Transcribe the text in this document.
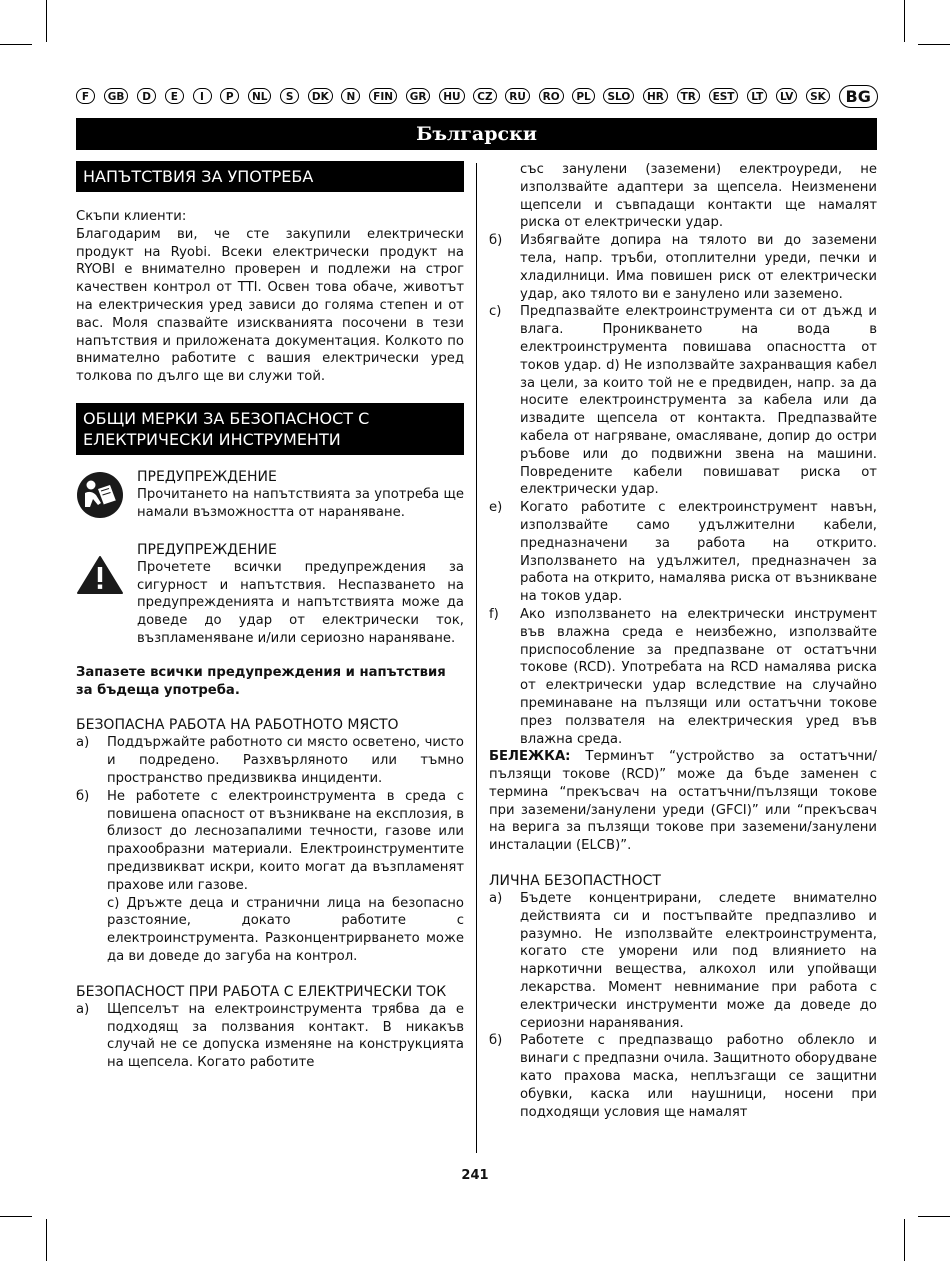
F	GB	D	E	I	P	NL	S	DK	N	FIN	GR	HU	CZ	RU	RO	PL	SLO	HR	TR	EST	LT	LV	SK	BG
Български
НАПЪТСТВИЯ ЗА УПОТРЕБА

Скъпи клиенти:

Благодарим ви, че сте закупили електрически продукт на Ryobi. Всеки електрически продукт на RYOBI е внимателно проверен и подлежи на строг качествен контрол от TTI. Освен това обаче, животът на електрическия уред зависи до голяма степен и от вас. Моля спазвайте изискванията посочени в тези напътствия и приложената документация. Колкото по внимателно работите с вашия електрически уред толкова по дълго ще ви служи той.

ОБЩИ МЕРКИ ЗА БЕЗОПАСНОСТ С ЕЛЕКТРИЧЕСКИ ИНСТРУМЕНТИ
ПРЕДУПРЕЖДЕНИЕ

Прочитането на напътствията за употреба ще намали възможността от нараняване.

ПРЕДУПРЕЖДЕНИЕ

Прочетете всички предупреждения за сигурност и напътствия. Неспазването на предупрежденията и напътствията може да доведе до удар от електрически ток, възпламеняване и/или сериозно нараняване.

Запазете всички предупреждения и напътствия за бъдеща употреба.

БЕЗОПАСНА РАБОТА НА РАБОТНОТО МЯСТО

a)	Поддържайте работното си място осветено, чисто и подредено. Разхвърляното или тъмно пространство предизвиква инциденти.
б)	Не работете с електроинструмента в среда с повишена опасност от възникване на експлозия, в близост до леснозапалими течности, газове или прахообразни материали. Електроинструментите предизвикват искри, които могат да възпламенят прахове или газове.

c) Дръжте деца и странични лица на безопасно разстояние, докато работите с електроинструмента. Разконцентрирването може да ви доведе до загуба на контрол.

БЕЗОПАСНОСТ ПРИ РАБОТА С ЕЛЕКТРИЧЕСКИ ТОК

a)	Щепселът на електроинструмента трябва да е подходящ за ползвания контакт. В никакъв случай не се допуска изменяне на конструкцията на щепсела. Когато работите

със занулени (заземени) електроуреди, не използвайте адаптери за щепсела. Неизменени щепсели и съвпадащи контакти ще намалят риска от електрически удар.

б)	Избягвайте допира на тялото ви до заземени тела, напр. тръби, отоплителни уреди, печки и хладилници. Има повишен риск от електрически удар, ако тялото ви е занулено или заземено.
c)	Предпазвайте електроинструмента си от дъжд и влага. Проникването на вода в електроинструмента повишава опасността от токов удар. d) Не използвайте захранващия кабел за цели, за които той не е предвиден, напр. за да носите електроинструмента за кабела или да извадите щепсела от контакта. Предпазвайте кабела от нагряване, омасляване, допир до остри ръбове или до подвижни звена на машини. Повредените кабели повишават риска от електрически удар.
e)	Когато работите с електроинструмент навън, използвайте само удължителни кабели, предназначени за работа на открито. Използването на удължител, предназначен за работа на открито, намалява риска от възникване на токов удар.
f)	Ако използването на електрически инструмент във влажна среда е неизбежно, използвайте приспособление за предпазване от остатъчни токове (RCD). Употребата на RCD намалява риска от електрически удар вследствие на случайно преминаване на пълзящи или остатъчни токове през ползвателя на електрическия уред във влажна среда.

БЕЛЕЖКА: Терминът “устройство за остатъчни/пълзящи токове (RCD)” може да бъде заменен с термина “прекъсвач на остатъчни/пълзящи токове при заземени/занулени уреди (GFCI)” или “прекъсвач на верига за пълзящи токове при заземени/занулени инсталации (ELCB)”.

ЛИЧНА БЕЗОПАСТНОСТ

a)	Бъдете концентрирани, следете внимателно действията си и постъпвайте предпазливо и разумно. Не използвайте електроинструмента, когато сте уморени или под влиянието на наркотични вещества, алкохол или упойващи лекарства. Момент невнимание при работа с електрически инструменти може да доведе до сериозни наранявания.
б)	Работете с предпазващо работно облекло и винаги с предпазни очила. Защитното оборудване като прахова маска, неплъзгащи се защитни обувки, каска или наушници, носени при подходящи условия ще намалят
241
